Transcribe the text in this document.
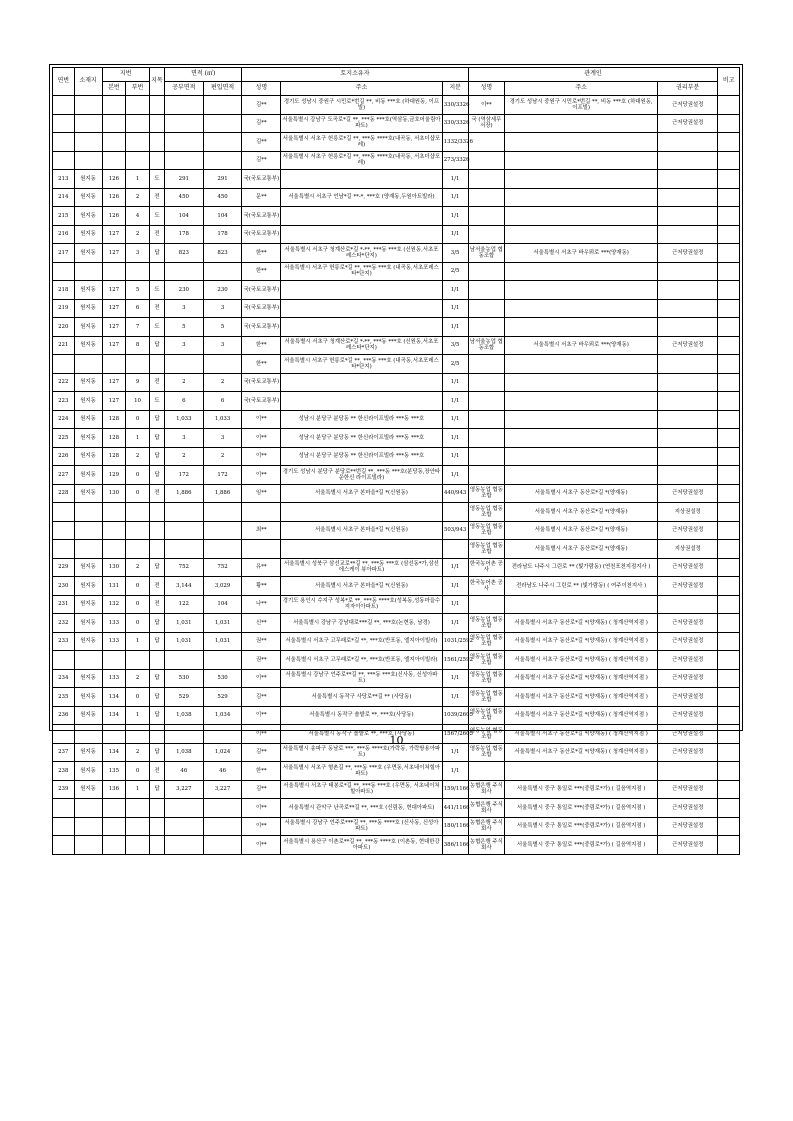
연번	소재지	지번		지목	면적 (㎡)		토지소유자			관계인			비고
		본번	부번		공부면적	편입면적	성명	주소	지분	성명	주소	권리부분	
							김**	경기도 성남시 중원구 시민로*번길 **, 비동 ***호 (하대원동, 이프빌)	330/3326	이**	경기도 성남시 중원구 시민로*번길 **, 비동 ***호 (하대원동, 이프빌)	근저당권설정	
							김**	서울특별시 강남구 도곡로*길 **, ***동 ***호(역삼동,금호어울림아파트)	330/3326	국 (역삼세무서장)		근저당권설정	
							김**	서울특별시 서초구 헌릉로*길 **, ***동 ****호(내곡동, 서초더샵포레)	1332/3326				
							김**	서울특별시 서초구 헌릉로*길 **, ***동 ****호(내곡동, 서초더샵포레)	273/3326				
213	원지동	126	1	도	291	291	국(국토교통부)		1/1				
214	원지동	126	2	전	450	450	문**	서울특별시 서초구 언남*길 **-*, ***호 (양재동,두원아트빌라)	1/1				
215	원지동	126	4	도	104	104	국(국토교통부)		1/1				
216	원지동	127	2	전	178	178	국(국토교통부)		1/1				
217	원지동	127	3	답	823	823	한**	서울특별시 서초구 청계산로*길 *-**, ***동 ***호 (신원동,서초포레스타*단지)	3/5	남서울농업 협동조합	서울특별시 서초구 바우뫼로 ***(양재동)	근저당권설정	
							한**	서울특별시 서초구 헌릉로*길 **, ***동 ***호 (내곡동,서초포레스타*단지)	2/5				
218	원지동	127	5	도	230	230	국(국토교통부)		1/1				
219	원지동	127	6	전	3	3	국(국토교통부)		1/1				
220	원지동	127	7	도	5	5	국(국토교통부)		1/1				
221	원지동	127	8	답	3	3	한**	서울특별시 서초구 청계산로*길 *-**, ***동 ***호 (신원동,서초포레스타*단지)	3/5	남서울농업 협동조합	서울특별시 서초구 바우뫼로 ***(양재동)	근저당권설정	
							한**	서울특별시 서초구 헌릉로*길 **, ***동 ***호 (내곡동,서초포레스타*단지)	2/5				
222	원지동	127	9	전	2	2	국(국토교통부)		1/1				
223	원지동	127	10	도	6	6	국(국토교통부)		1/1				
224	원지동	128	0	답	1,033	1,033	이**	성남시 분당구 분당동 ** 한신라이프빌라 ***동 ***호	1/1				
225	원지동	128	1	답	3	3	이**	성남시 분당구 분당동 ** 한신라이프빌라 ***동 ***호	1/1				
226	원지동	128	2	답	2	2	이**	성남시 분당구 분당동 ** 한신라이프빌라 ***동 ***호	1/1				
227	원지동	129	0	답	172	172	이**	경기도 성남시 분당구 분당로**번길 **, ***동 ***호(분당동,장안타운한신 라이프빌라)	1/1				
228	원지동	130	0	전	1,886	1,886	임**	서울특별시 서초구 본마을*길 *(신원동)	440/943	영동농업 협동조합	서울특별시 서초구 동산로*길 *(양재동)	근저당권설정	
										영동농업 협동조합	서울특별시 서초구 동산로*길 *(양재동)	지상권설정	
							최**	서울특별시 서초구 본마을*길 *(신원동)	503/943	영동농업 협동조합	서울특별시 서초구 동산로*길 *(양재동)	근저당권설정	
										영동농업 협동조합	서울특별시 서초구 동산로*길 *(양재동)	지상권설정	
229	원지동	130	2	답	752	752	유**	서울특별시 성북구 삼선교로**길 **, ***동 ***호 (삼선동*가,삼선 에스케이 뷰아파트)	1/1	한국농어촌 공사	전라남도 나주시 그린로 ** (빛가람동) (연천포천지점지사 )	근저당권설정	
230	원지동	131	0	전	3,144	3,029	황**	서울특별시 서초구 본마을*길 *(신원동)	1/1	한국농어촌 공사	전라남도 나주시 그린로 ** (빛가람동) ( 여주이천지사 )	근저당권설정	
231	원지동	132	0	전	122	104	나**	경기도 용인시 수지구 성복*로 **, ***동 ****호(성복동,성동마을수지자이아파트)	1/1				
232	원지동	133	0	답	1,031	1,031	신**	서울특별시 강남구 강남대로***길 **, ***호(논현동, 남경)	1/1	영동농업 협동조합	서울특별시 서초구 동산로*길 *(양재동) ( 청계산역지점 )	근저당권설정	
233	원지동	133	1	답	1,031	1,031	권**	서울특별시 서초구 고무래로*길 **, ***호(반포동, 엘지아이빌라)	1031/2592	영동농업 협동조합	서울특별시 서초구 동산로*길 *(양재동) ( 청계산역지점 )	근저당권설정	
							권**	서울특별시 서초구 고무래로*길 **, ***호(반포동, 엘지아이빌라)	1561/2592	영동농업 협동조합	서울특별시 서초구 동산로*길 *(양재동) ( 청계산역지점 )	근저당권설정	
234	원지동	133	2	답	530	530	이**	서울특별시 강남구 언주로**길 **, ***동 ***호(신사동, 신성아파트)	1/1	영동농업 협동조합	서울특별시 서초구 동산로*길 *(양재동) ( 청계산역지점 )	근저당권설정	
235	원지동	134	0	답	529	529	김**	서울특별시 동작구 사당로**길 ** (사당동)	1/1	영동농업 협동조합	서울특별시 서초구 동산로*길 *(양재동) ( 청계산역지점 )	근저당권설정	
236	원지동	134	1	답	1,038	1,034	이**	서울특별시 동작구 솔밭로 **, ***호(사당동)	1039/2605	영동농업 협동조합	서울특별시 서초구 동산로*길 *(양재동) ( 청계산역지점 )	근저당권설정	
							이**	서울특별시 동작구 솔밭로 **, ***호 (사당동)	1567/2605	영동농업 협동조합	서울특별시 서초구 동산로*길 *(양재동) ( 청계산역지점 )	근저당권설정	
237	원지동	134	2	답	1,038	1,024	김**	서울특별시 송파구 동남로 ***, ***동 ****호(가락동, 가락쌍용아파트)	1/1	영동농업 협동조합	서울특별시 서초구 동산로*길 *(양재동) ( 청계산역지점 )	근저당권설정	
238	원지동	135	0	전	46	46	한**	서울특별시 서초구 형촌길 **, ***동 ***호 (우면동,서초네이쳐힐아파트)	1/1				
239	원지동	136	1	답	3,227	3,227	김**	서울특별시 서초구 태봉로*길 **, ***동 ***호 (우면동, 서초네이쳐힐아파트)	159/1166	농협은행 주식회사	서울특별시 중구 통일로 ***(중림로*가) ( 길음역지점 )	근저당권설정	
							이**	서울특별시 관악구 난곡로**길 **, ***호 (신림동, 현대아파트)	441/1166	농협은행 주식회사	서울특별시 중구 통일로 ***(중림로*가) ( 길음역지점 )	근저당권설정	
							이**	서울특별시 강남구 언주로***길 **, ***동 ****호 (신사동, 신성아파트)	180/1166	농협은행 주식회사	서울특별시 중구 통일로 ***(중림로*가) ( 길음역지점 )	근저당권설정	
							이**	서울특별시 용산구 이촌로**길 **, ***동 ****호 (이촌동, 현대한강아파트)	386/1166	농협은행 주식회사	서울특별시 중구 통일로 ***(중림로*가) ( 길음역지점 )	근저당권설정	
10
